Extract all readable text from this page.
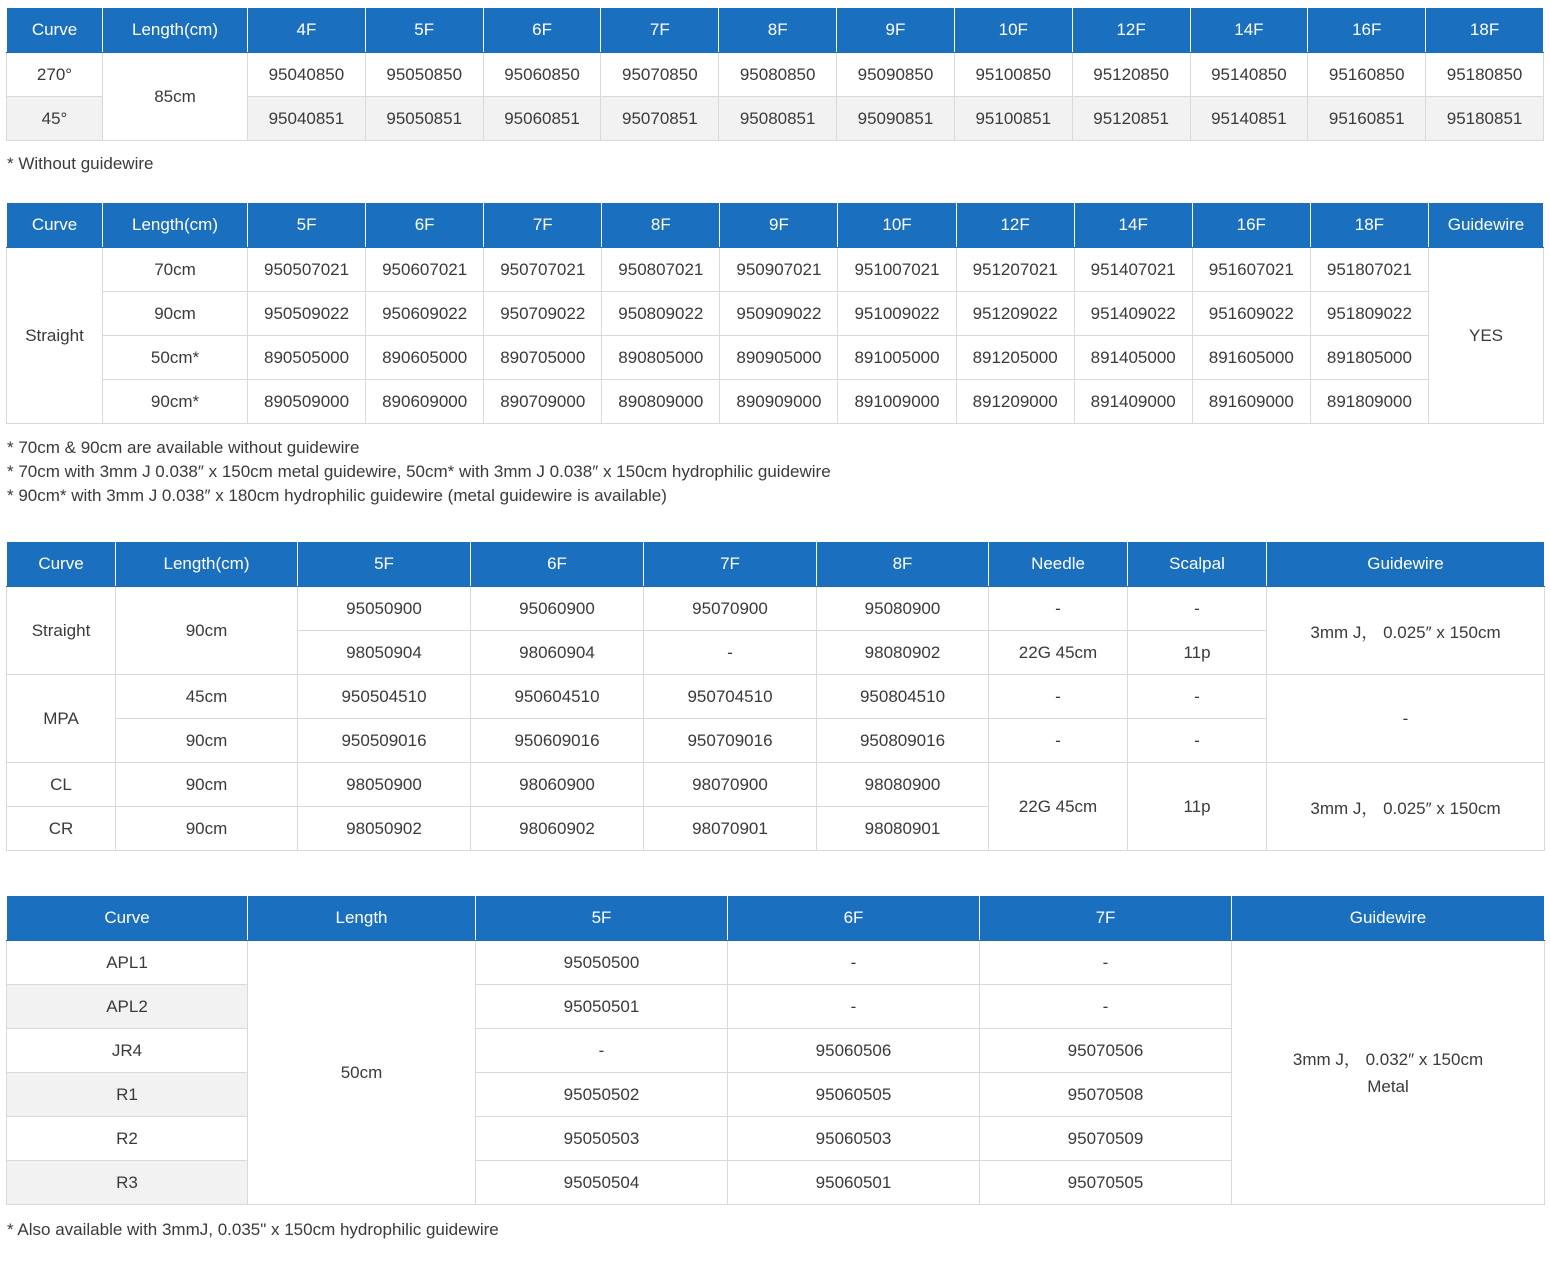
Curve	Length(cm)	4F	5F	6F	7F	8F	9F	10F	12F	14F	16F	18F
270°	85cm	95040850	95050850	95060850	95070850	95080850	95090850	95100850	95120850	95140850	95160850	95180850
45°		95040851	95050851	95060851	95070851	95080851	95090851	95100851	95120851	95140851	95160851	95180851

* Without guidewire

Curve	Length(cm)	5F	6F	7F	8F	9F	10F	12F	14F	16F	18F	Guidewire
Straight	70cm	950507021	950607021	950707021	950807021	950907021	951007021	951207021	951407021	951607021	951807021	YES
	90cm	950509022	950609022	950709022	950809022	950909022	951009022	951209022	951409022	951609022	951809022	
	50cm*	890505000	890605000	890705000	890805000	890905000	891005000	891205000	891405000	891605000	891805000	
	90cm*	890509000	890609000	890709000	890809000	890909000	891009000	891209000	891409000	891609000	891809000	

* 70cm & 90cm are available without guidewire

* 70cm with 3mm J 0.038″ x 150cm metal guidewire, 50cm* with 3mm J 0.038″ x 150cm hydrophilic guidewire

* 90cm* with 3mm J 0.038″ x 180cm hydrophilic guidewire (metal guidewire is available)

Curve	Length(cm)	5F	6F	7F	8F	Needle	Scalpal	Guidewire
Straight	90cm	95050900	95060900	95070900	95080900	-	-	3mm J， 0.025″ x 150cm
		98050904	98060904	-	98080902	22G 45cm	11p	
MPA	45cm	950504510	950604510	950704510	950804510	-	-	-
	90cm	950509016	950609016	950709016	950809016	-	-	
CL	90cm	98050900	98060900	98070900	98080900	22G 45cm	11p	3mm J， 0.025″ x 150cm
CR	90cm	98050902	98060902	98070901	98080901			
Curve	Length	5F	6F	7F	Guidewire
APL1	50cm	95050500	-	-	3mm J， 0.032″ x 150cm
Metal

APL2		95050501	-	-	
JR4		-	95060506	95070506	
R1		95050502	95060505	95070508	
R2		95050503	95060503	95070509	
R3		95050504	95060501	95070505	

* Also available with 3mmJ, 0.035" x 150cm hydrophilic guidewire
